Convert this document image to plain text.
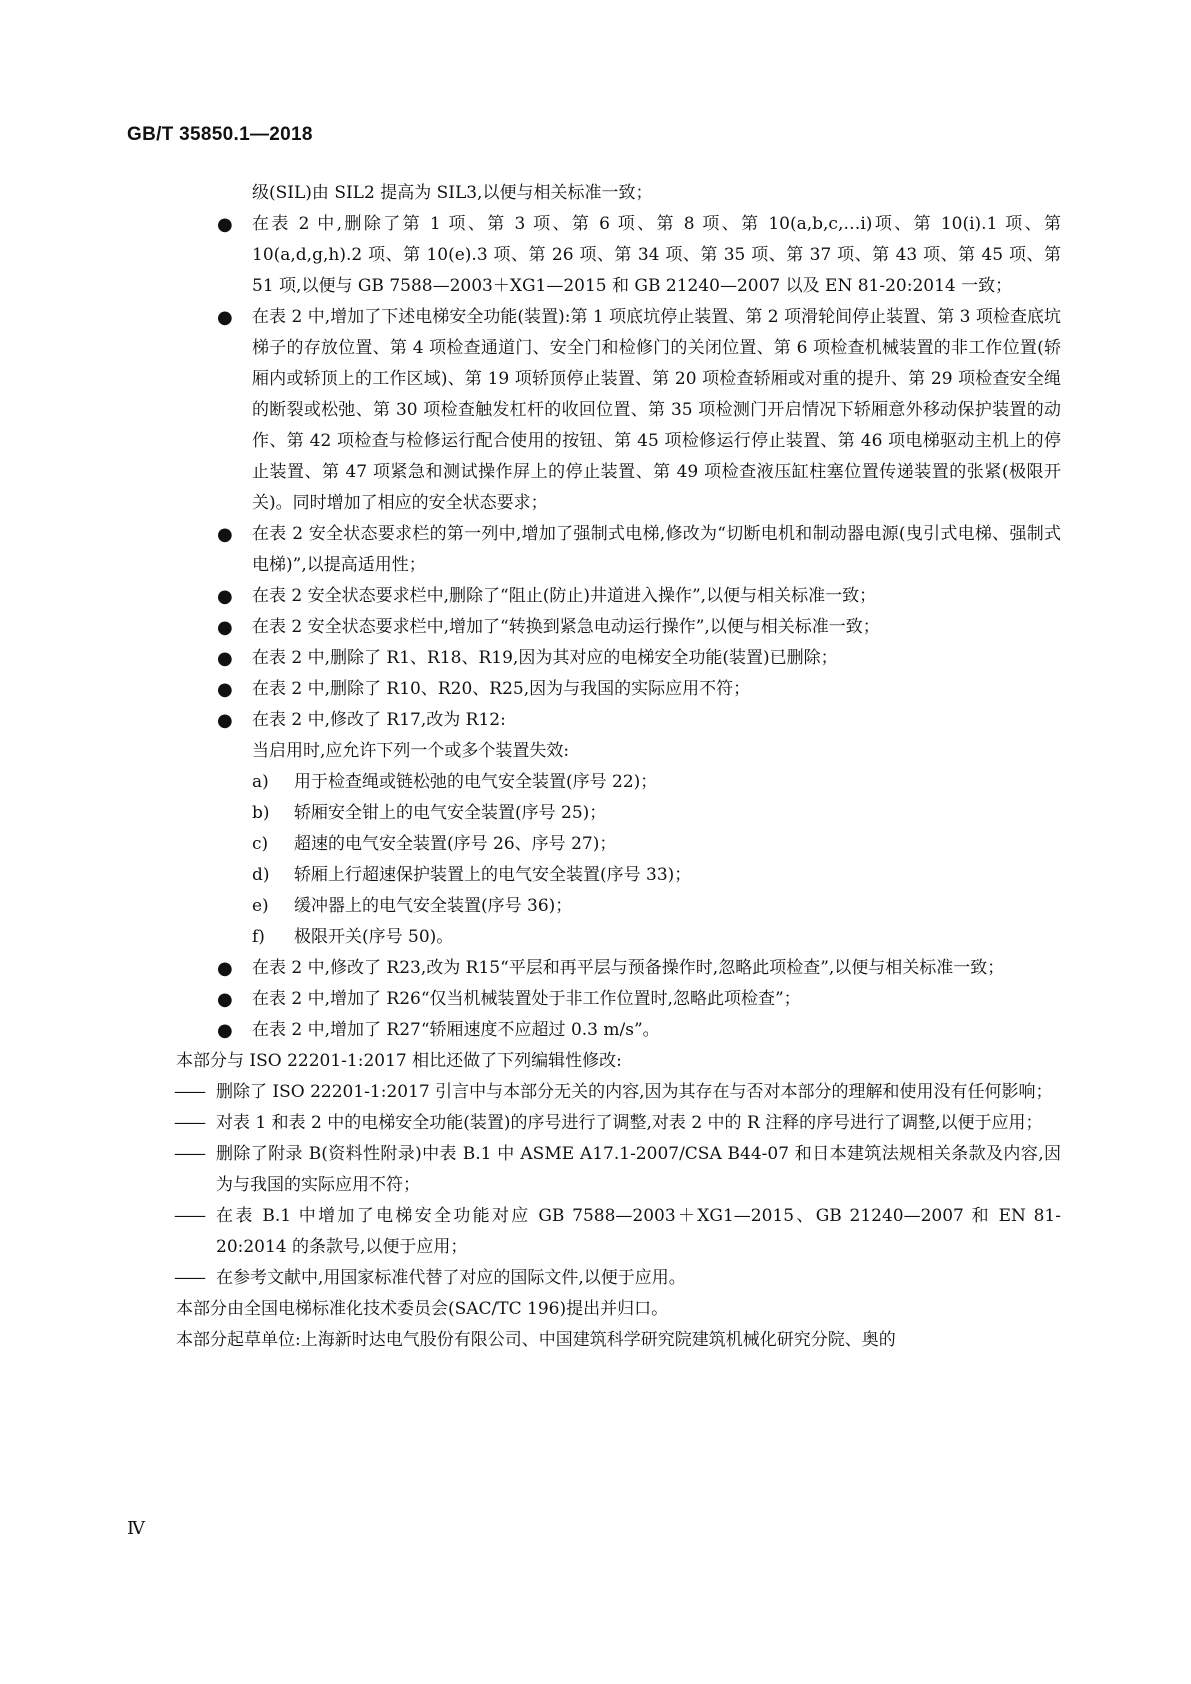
GB/T 35850.1—2018

级(SIL)由 SIL2 提高为 SIL3,以便与相关标准一致；

● 在表 2 中,删除了第 1 项、第 3 项、第 6 项、第 8 项、第 10(a,b,c,…i)项、第 10(i).1 项、第 10(a,d,g,h).2 项、第 10(e).3 项、第 26 项、第 34 项、第 35 项、第 37 项、第 43 项、第 45 项、第 51 项,以便与 GB 7588—2003＋XG1—2015 和 GB 21240—2007 以及 EN 81-20:2014 一致；

● 在表 2 中,增加了下述电梯安全功能(装置):第 1 项底坑停止装置、第 2 项滑轮间停止装置、第 3 项检查底坑梯子的存放位置、第 4 项检查通道门、安全门和检修门的关闭位置、第 6 项检查机械装置的非工作位置(轿厢内或轿顶上的工作区域)、第 19 项轿顶停止装置、第 20 项检查轿厢或对重的提升、第 29 项检查安全绳的断裂或松弛、第 30 项检查触发杠杆的收回位置、第 35 项检测门开启情况下轿厢意外移动保护装置的动作、第 42 项检查与检修运行配合使用的按钮、第 45 项检修运行停止装置、第 46 项电梯驱动主机上的停止装置、第 47 项紧急和测试操作屏上的停止装置、第 49 项检查液压缸柱塞位置传递装置的张紧(极限开关)。同时增加了相应的安全状态要求；

● 在表 2 安全状态要求栏的第一列中,增加了强制式电梯,修改为“切断电机和制动器电源(曳引式电梯、强制式电梯)”,以提高适用性；

● 在表 2 安全状态要求栏中,删除了“阻止(防止)井道进入操作”,以便与相关标准一致；

● 在表 2 安全状态要求栏中,增加了“转换到紧急电动运行操作”,以便与相关标准一致；

● 在表 2 中,删除了 R1、R18、R19,因为其对应的电梯安全功能(装置)已删除；

● 在表 2 中,删除了 R10、R20、R25,因为与我国的实际应用不符；

● 在表 2 中,修改了 R17,改为 R12:

当启用时,应允许下列一个或多个装置失效:

a) 用于检查绳或链松弛的电气安全装置(序号 22)；

b) 轿厢安全钳上的电气安全装置(序号 25)；

c) 超速的电气安全装置(序号 26、序号 27)；

d) 轿厢上行超速保护装置上的电气安全装置(序号 33)；

e) 缓冲器上的电气安全装置(序号 36)；

f) 极限开关(序号 50)。

● 在表 2 中,修改了 R23,改为 R15“平层和再平层与预备操作时,忽略此项检查”,以便与相关标准一致；

● 在表 2 中,增加了 R26“仅当机械装置处于非工作位置时,忽略此项检查”；

● 在表 2 中,增加了 R27“轿厢速度不应超过 0.3 m/s”。

本部分与 ISO 22201-1:2017 相比还做了下列编辑性修改:

—— 删除了 ISO 22201-1:2017 引言中与本部分无关的内容,因为其存在与否对本部分的理解和使用没有任何影响；

—— 对表 1 和表 2 中的电梯安全功能(装置)的序号进行了调整,对表 2 中的 R 注释的序号进行了调整,以便于应用；

—— 删除了附录 B(资料性附录)中表 B.1 中 ASME A17.1-2007/CSA B44-07 和日本建筑法规相关条款及内容,因为与我国的实际应用不符；

—— 在表 B.1 中增加了电梯安全功能对应 GB 7588—2003＋XG1—2015、GB 21240—2007 和 EN 81-20:2014 的条款号,以便于应用；

—— 在参考文献中,用国家标准代替了对应的国际文件,以便于应用。

本部分由全国电梯标准化技术委员会(SAC/TC 196)提出并归口。

本部分起草单位:上海新时达电气股份有限公司、中国建筑科学研究院建筑机械化研究分院、奥的

Ⅳ
